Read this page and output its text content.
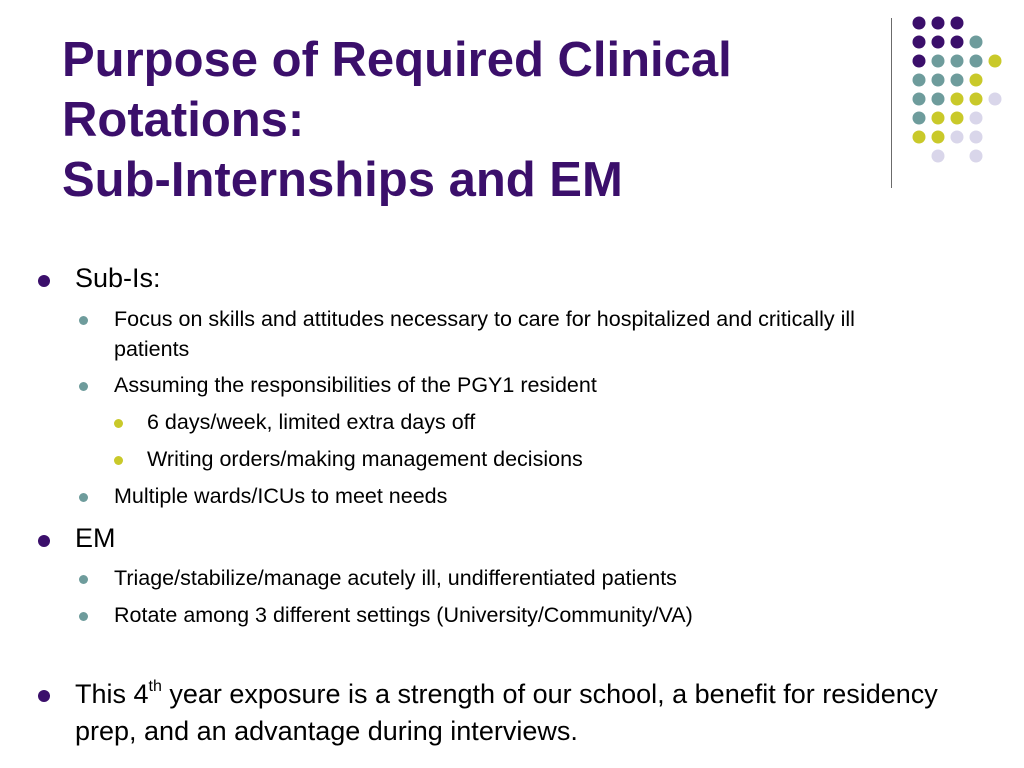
Purpose of Required Clinical
Rotations:
Sub-Internships and EM
Sub-Is:
Focus on skills and attitudes necessary to care for hospitalized and critically ill patients
Assuming the responsibilities of the PGY1 resident
6 days/week, limited extra days off
Writing orders/making management decisions
Multiple wards/ICUs to meet needs
EM
Triage/stabilize/manage acutely ill, undifferentiated patients
Rotate among 3 different settings (University/Community/VA)
This 4th year exposure is a strength of our school, a benefit for residency prep, and an advantage during interviews.
